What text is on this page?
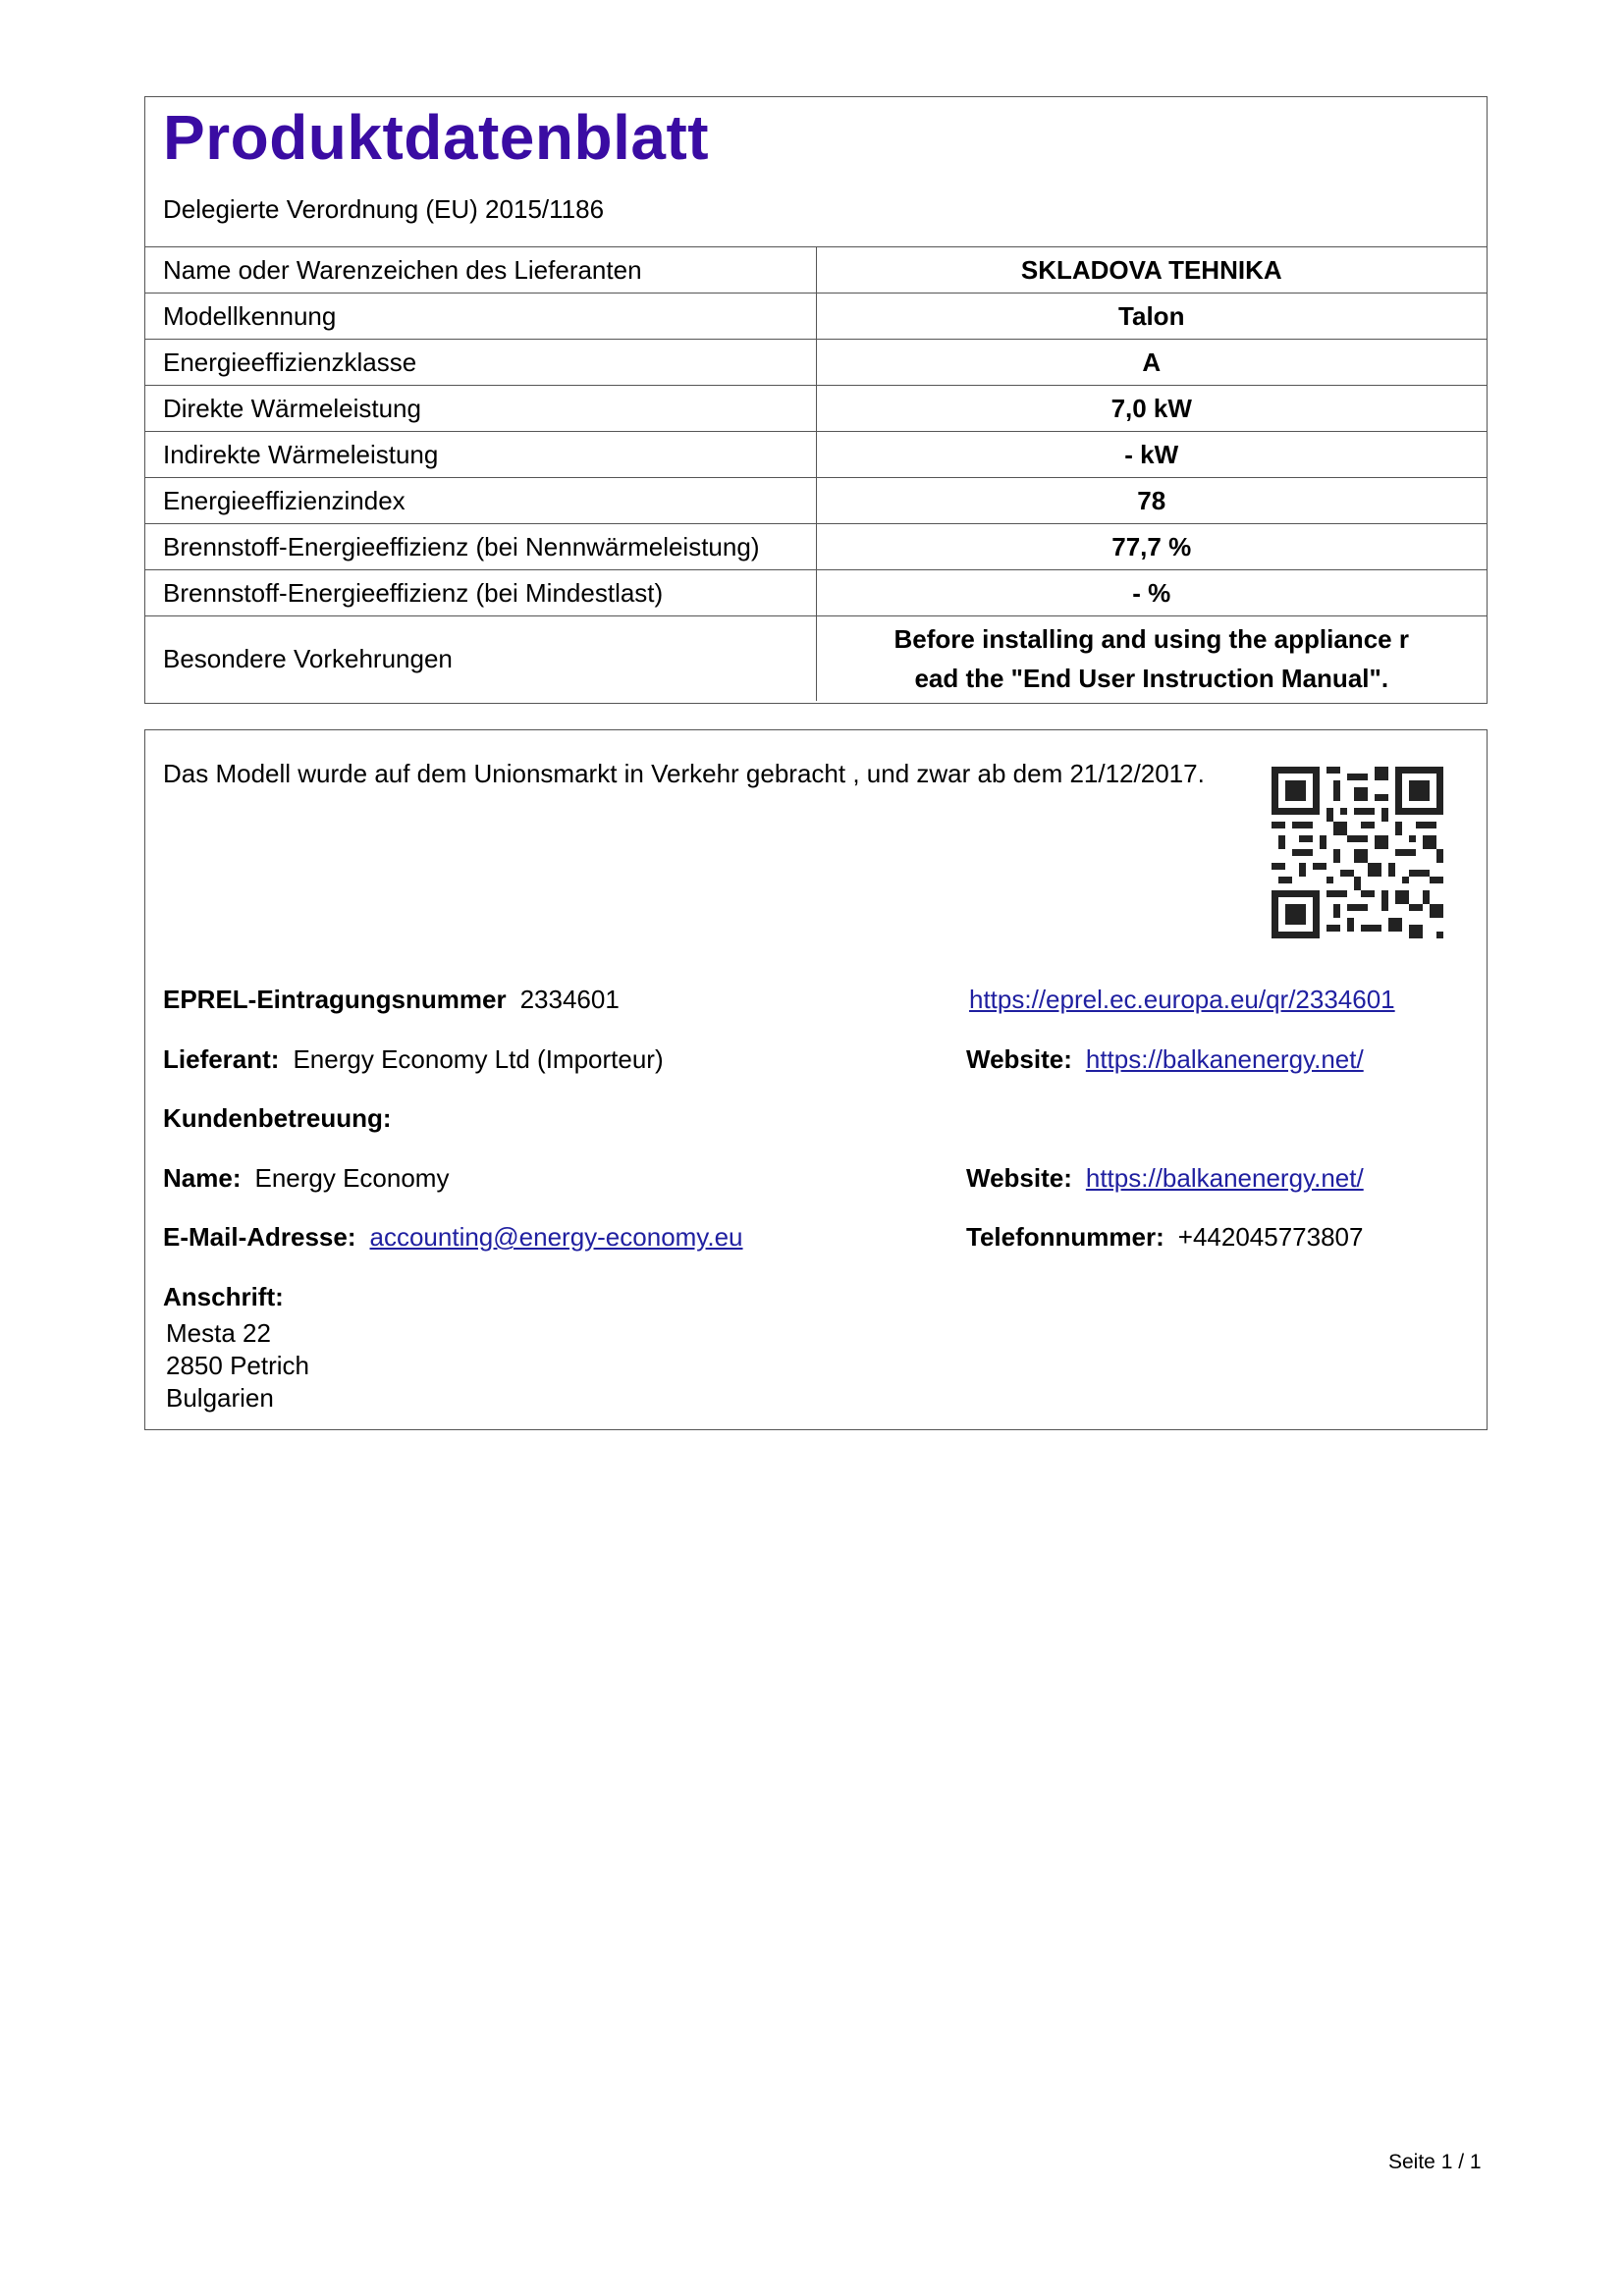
Produktdatenblatt
Delegierte Verordnung (EU) 2015/1186
Name oder Warenzeichen des Lieferanten	SKLADOVA TEHNIKA
Modellkennung	Talon
Energieeffizienzklasse	A
Direkte Wärmeleistung	7,0 kW
Indirekte Wärmeleistung	- kW
Energieeffizienzindex	78
Brennstoff-Energieeffizienz (bei Nennwärmeleistung)	77,7 %
Brennstoff-Energieeffizienz (bei Mindestlast)	- %
Besondere Vorkehrungen	Before installing and using the appliance r
ead the "End User Instruction Manual".
Das Modell wurde auf dem Unionsmarkt in Verkehr gebracht , und zwar ab dem 21/12/2017.
EPREL-Eintragungsnummer 2334601	https://eprel.ec.europa.eu/qr/2334601
Lieferant: Energy Economy Ltd (Importeur)	Website: https://balkanenergy.net/
Kundenbetreuung:
Name: Energy Economy	Website: https://balkanenergy.net/
E-Mail-Adresse: accounting@energy-economy.eu	Telefonnummer: +442045773807
Anschrift:
Mesta 22
2850 Petrich
Bulgarien
Seite 1 / 1
